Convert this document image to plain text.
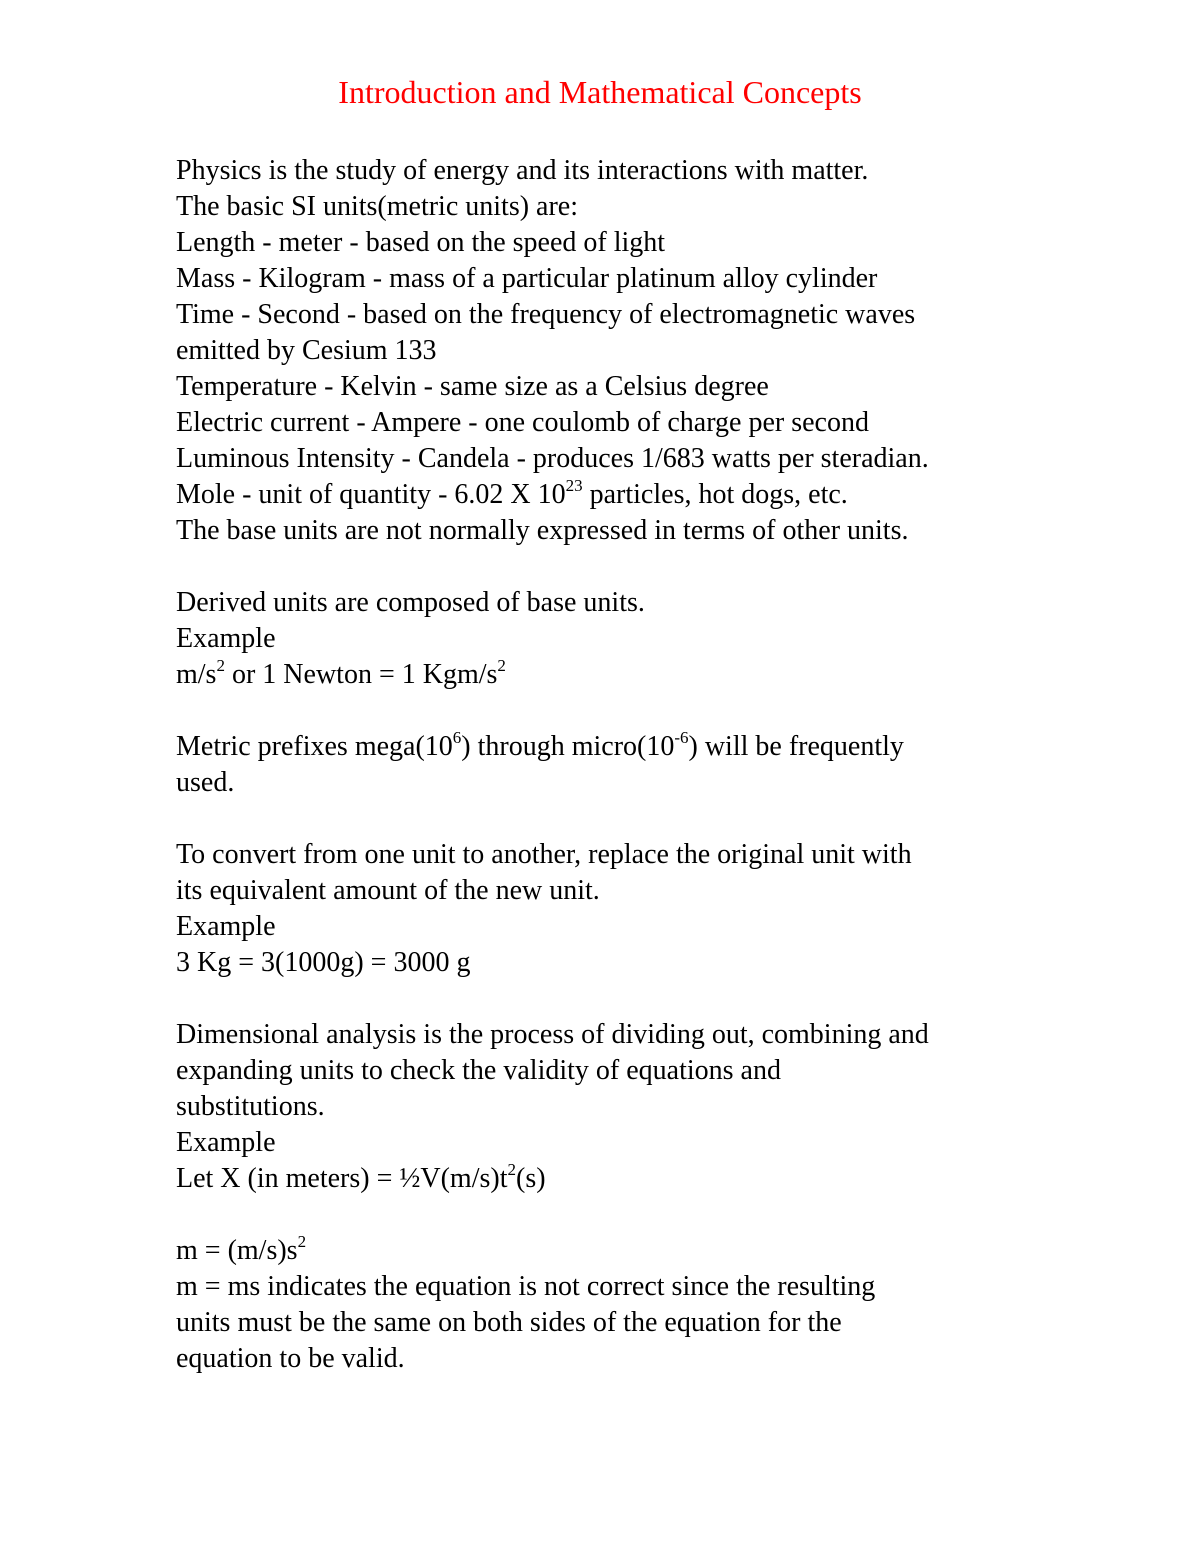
Introduction and Mathematical Concepts
Physics is the study of energy and its interactions with matter.
The basic SI units(metric units) are:
Length - meter - based on the speed of light
Mass - Kilogram - mass of a particular platinum alloy cylinder
Time - Second - based on the frequency of electromagnetic waves
emitted by Cesium 133
Temperature - Kelvin - same size as a Celsius degree
Electric current - Ampere - one coulomb of charge per second
Luminous Intensity - Candela - produces 1/683 watts per steradian.
Mole - unit of quantity - 6.02 X $10^{23}$ particles, hot dogs, etc.
The base units are not normally expressed in terms of other units.
Derived units are composed of base units.
Example
$m/s^2$ or 1 Newton = 1 Kgm/$s^2$
Metric prefixes $mega(10^6)$ through $micro(10^{-6})$ will be frequently
used.
To convert from one unit to another, replace the original unit with
its equivalent amount of the new unit.
Example
3 Kg = 3(1000g) = 3000 g
Dimensional analysis is the process of dividing out, combining and
expanding units to check the validity of equations and
substitutions.
Example
Let X (in meters) = $\frac{1}{2}V(m/s)t^2(s)$
$m = (m/s)s^2$
m = ms indicates the equation is not correct since the resulting
units must be the same on both sides of the equation for the
equation to be valid.
